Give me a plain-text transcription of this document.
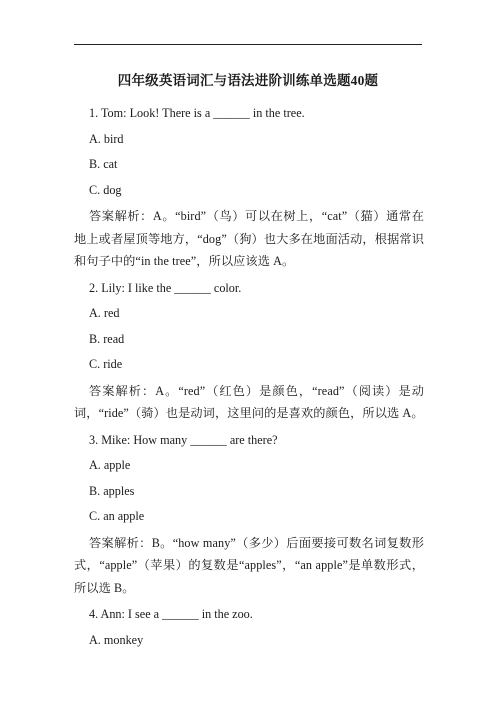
四年级英语词汇与语法进阶训练单选题40题
1. Tom: Look! There is a ______ in the tree.
A. bird
B. cat
C. dog
答案解析：A。“bird”（鸟）可以在树上，“cat”（猫）通常在地上或者屋顶等地方，“dog”（狗）也大多在地面活动，根据常识和句子中的“in the tree”，所以应该选 A。
2. Lily: I like the ______ color.
A. red
B. read
C. ride
答案解析：A。“red”（红色）是颜色，“read”（阅读）是动词，“ride”（骑）也是动词，这里问的是喜欢的颜色，所以选 A。
3. Mike: How many ______ are there?
A. apple
B. apples
C. an apple
答案解析：B。“how many”（多少）后面要接可数名词复数形式，“apple”（苹果）的复数是“apples”，“an apple”是单数形式，所以选 B。
4. Ann: I see a ______ in the zoo.
A. monkey
